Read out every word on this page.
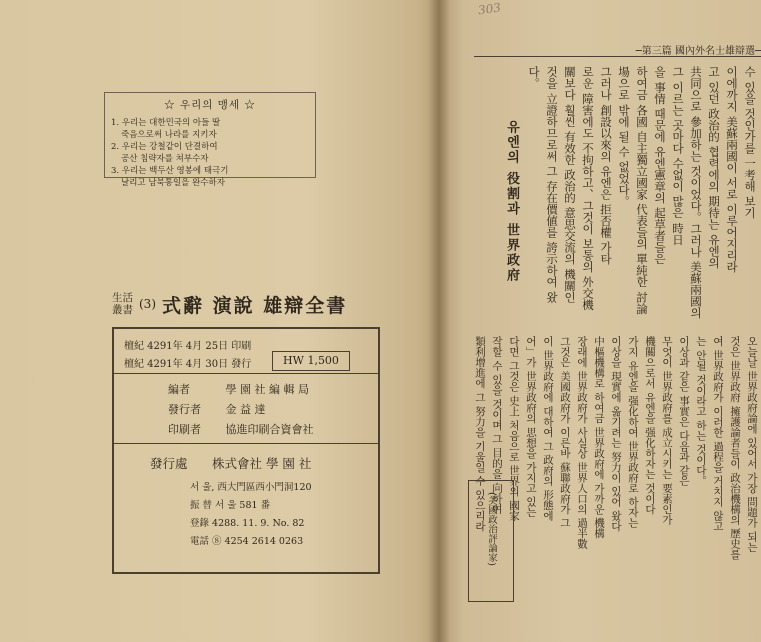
☆ 우리의 맹세 ☆
1. 우리는 대한민국의 아들 딸
죽음으로써 나라를 지키자
2. 우리는 강철같이 단결하여
공산 침략자를 쳐부수자
3. 우리는 백두산 영봉에 태극기
날리고 남북통일을 완수하자
生活
叢書 (3) 式辭 演說 雄辯全書
檀紀 4291年 4月 25日 印刷
檀紀 4291年 4月 30日 發行	HW 1,500
編者	學 園 社 編 輯 局
發行者 金 益 達
印刷者 協進印刷合資會社
發行處 株式會社 學 園 社
서 울, 西大門區西小門洞120
振 替 서 울 581 番
登錄 4288. 11. 9. No. 82
電話 ⑧ 4254 2614 0263
303
─第三篇 國內外名士雄辯選─
수 있을 것인가를 一考해 보기
이에까지 美蘇兩國이 서로 이루어지리라
고 있던 政治的 협력에의 期待는 유엔의
共同으로 參加하는 것이었다。그러나 美蘇兩國의
그 이르는 곳마다 수없이 많은 時日
을 事情 때문에 유엔憲章의 起草者들은
하여금 各國 自主獨立國家 代表들의 單純한 討論
場으로 밖에 될 수 없었다。
그러나 創設以來의 유엔은 拒否權 가타
로운 障害에도 不拘하고、그것이 보통의 外交機
關보다 훨씬 有效한 政治的 意思交流의 機關인
것을 立證하므로써 그 存在價値를 誇示하여 왔
다。
유엔의 役割과 世界政府
오늘날 世界政府論에 있어서 가장 問題가 되는
것은 世界政府 擁護論者들이 政治機構의 歷史를
여 世界政府가 이러한 過程을 거치지 않고
는 안될 것이라고 하는 것이다。
이상과 같은 事實은 다음과 같은
무엇이 世界政府를 成立시키는 要素인가
機關으로서 유엔을 强化하자는 것이다
가지 유엔을 强化하여 世界政府로 하자는
이상을 現實에 옮기려는 努力이 있어 왔다
中樞機構로 하여금 世界政府에 가까운 機構
장래에 世界政府가 사실상 世界人口의 過半數
그것은 美國政府가 이른바 蘇聯政府가 그
이 世界政府에 대하여 그 政府의 形態에
어」가 世界政府의 思想을 가지고 있는
다면 그것은 史上 처음으로 世界의 國家
작할 수 있을 것이며 그 目的을 向하여
類利增進에 그 努力을 기울일 수 있으리라 (美國政治評論家)
